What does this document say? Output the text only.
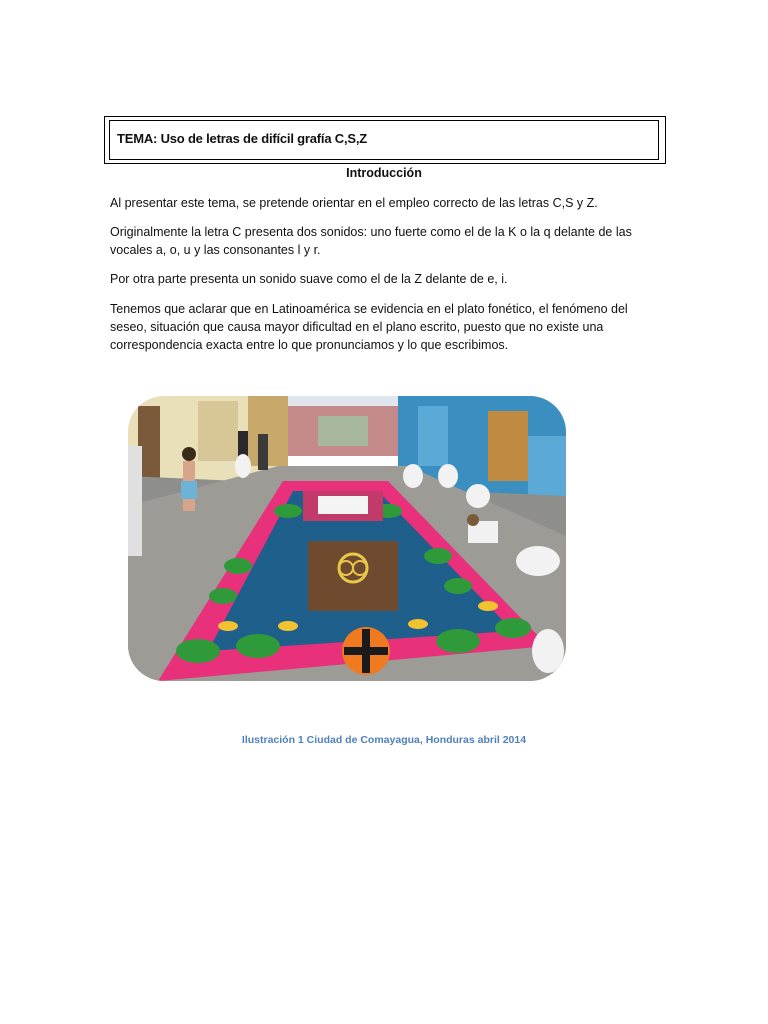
TEMA: Uso de letras de difícil grafía C,S,Z
Introducción

Al presentar este tema, se pretende orientar en el empleo correcto de las letras C,S y Z.

Originalmente la letra C presenta dos sonidos: uno fuerte como el de la K o la q delante de las vocales a, o, u y las consonantes l y r.

Por otra parte presenta un sonido suave como el de la Z delante de e, i.

Tenemos que aclarar que en Latinoamérica se evidencia en el plato fonético, el fenómeno del seseo, situación que causa mayor dificultad en el plano escrito, puesto que no existe una correspondencia exacta entre lo que pronunciamos y lo que escribimos.

Ilustración 1 Ciudad de Comayagua, Honduras abril 2014
